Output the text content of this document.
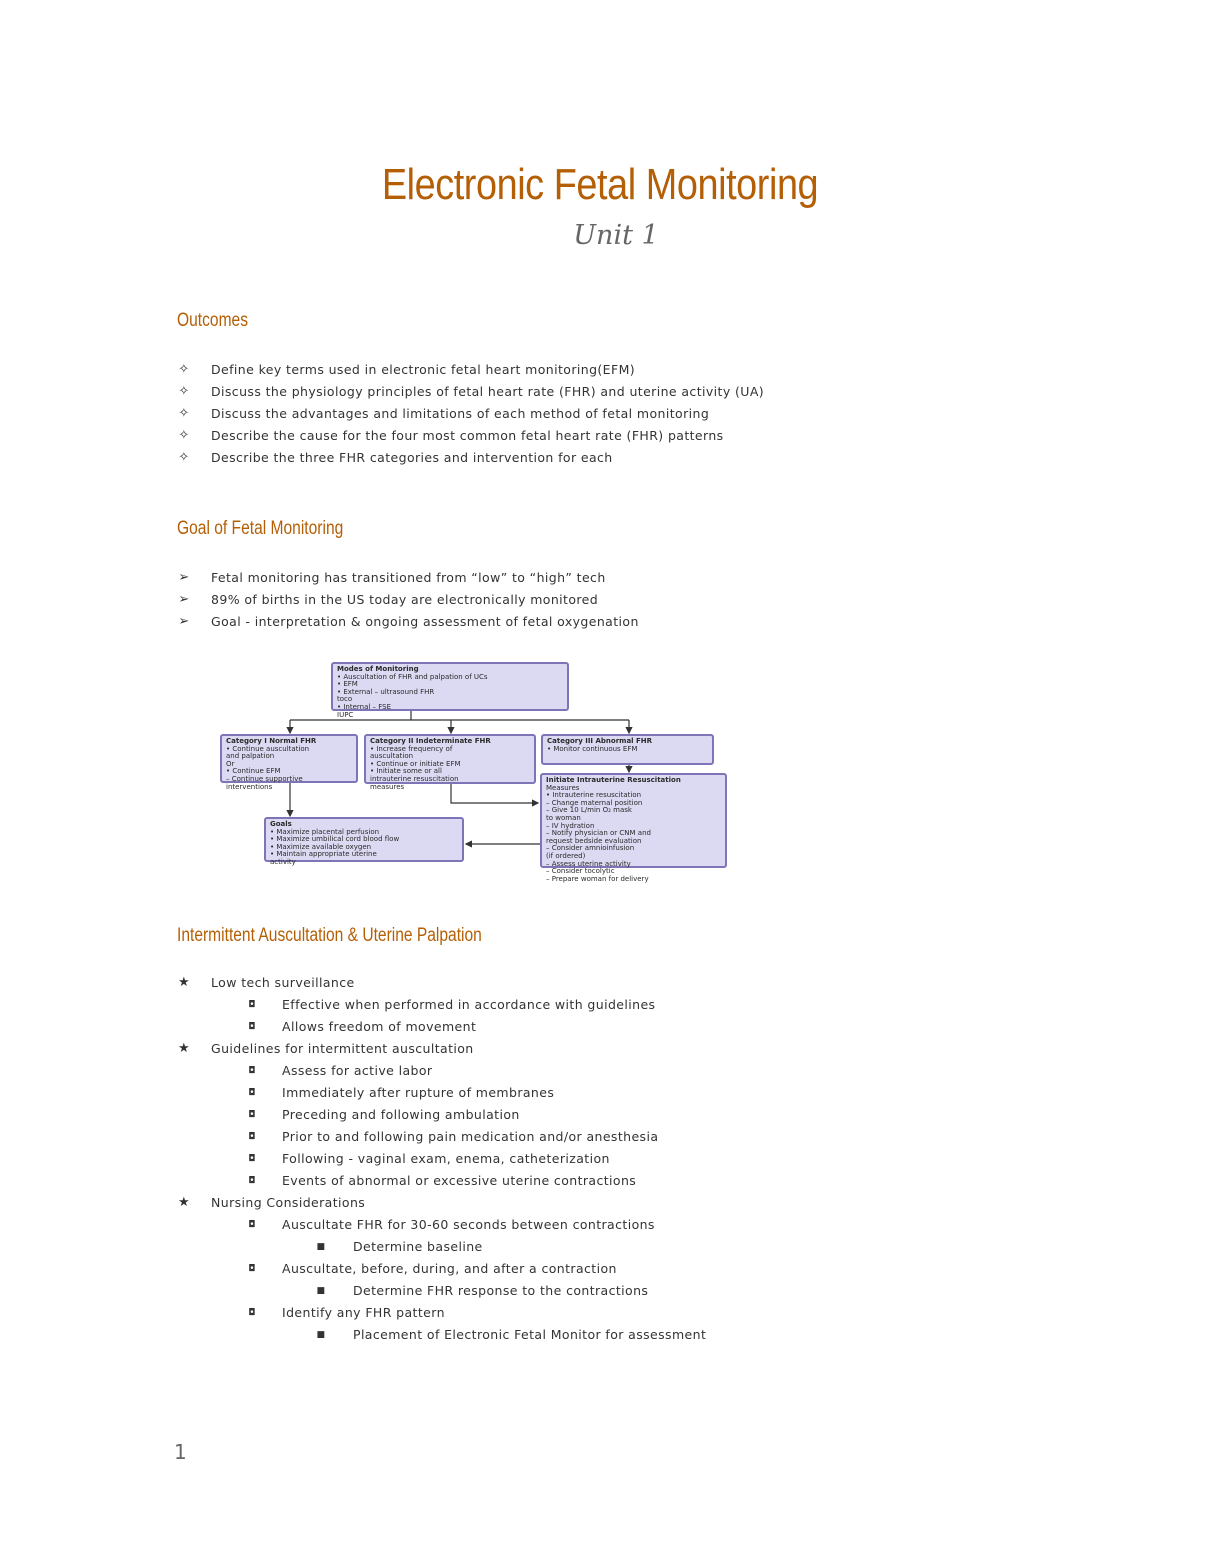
Electronic Fetal Monitoring
Unit 1
Outcomes
✧	Define key terms used in electronic fetal heart monitoring(EFM)
✧	Discuss the physiology principles of fetal heart rate (FHR) and uterine activity (UA)
✧	Discuss the advantages and limitations of each method of fetal monitoring
✧	Describe the cause for the four most common fetal heart rate (FHR) patterns
✧	Describe the three FHR categories and intervention for each
Goal of Fetal Monitoring
➢	Fetal monitoring has transitioned from “low” to “high” tech
➢	89% of births in the US today are electronically monitored
➢	Goal - interpretation & ongoing assessment of fetal oxygenation
Modes of Monitoring
• Auscultation of FHR and palpation of UCs
• EFM
• External – ultrasound FHR
toco
• Internal – FSE
IUPC
Category I Normal FHR
• Continue auscultation
and palpation
Or
• Continue EFM
– Continue supportive
interventions
Category II Indeterminate FHR
• Increase frequency of
auscultation
• Continue or initiate EFM
• Initiate some or all
intrauterine resuscitation
measures
Category III Abnormal FHR
• Monitor continuous EFM
Initiate Intrauterine Resuscitation
Measures
• Intrauterine resuscitation
– Change maternal position
– Give 10 L/min O₂ mask
to woman
– IV hydration
– Notify physician or CNM and
request bedside evaluation
– Consider amnioinfusion
(if ordered)
– Assess uterine activity
– Consider tocolytic
– Prepare woman for delivery
Goals
• Maximize placental perfusion
• Maximize umbilical cord blood flow
• Maximize available oxygen
• Maintain appropriate uterine
activity
Intermittent Auscultation & Uterine Palpation
★	Low tech surveillance
◘	Effective when performed in accordance with guidelines
◘	Allows freedom of movement
★	Guidelines for intermittent auscultation
◘	Assess for active labor
◘	Immediately after rupture of membranes
◘	Preceding and following ambulation
◘	Prior to and following pain medication and/or anesthesia
◘	Following - vaginal exam, enema, catheterization
◘	Events of abnormal or excessive uterine contractions
★	Nursing Considerations
◘	Auscultate FHR for 30-60 seconds between contractions
■	Determine baseline
◘	Auscultate, before, during, and after a contraction
■	Determine FHR response to the contractions
◘	Identify any FHR pattern
■	Placement of Electronic Fetal Monitor for assessment
1
